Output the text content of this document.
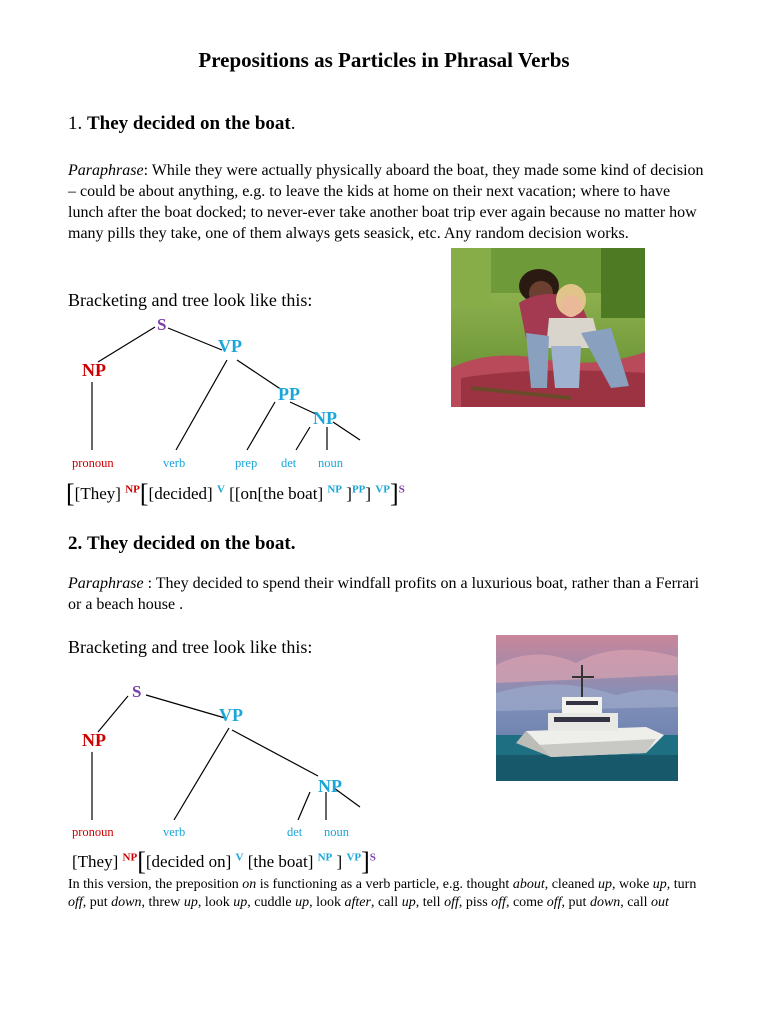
Prepositions as Particles in Phrasal Verbs
1. They decided on the boat.
Paraphrase: While they were actually physically aboard the boat, they made some kind of decision – could be about anything, e.g. to leave the kids at home on their next vacation; where to have lunch after the boat docked; to never-ever take another boat trip ever again because no matter how many pills they take, one of them always gets seasick, etc. Any random decision works.
Bracketing and tree look like this:
S
VP
NP
PP
NP
pronoun	verb	prep det noun
[[They] $^{NP}$[[decided] $^V$ [[on[the boat] $^{NP}$ ]$^{PP}$] $^{VP}$]$^S$
2. They decided on the boat.
Paraphrase : They decided to spend their windfall profits on a luxurious boat, rather than a Ferrari or a beach house .
Bracketing and tree look like this:
S
VP
NP
NP
pronoun	verb	det noun
[They] $^{NP}$[[decided on] $^V$ [the boat] $^{NP}$ ] $^{VP}$]$^S$
In this version, the preposition on is functioning as a verb particle, e.g. thought about, cleaned up, woke up, turn off, put down, threw up, look up, cuddle up, look after, call up, tell off, piss off, come off, put down, call out
